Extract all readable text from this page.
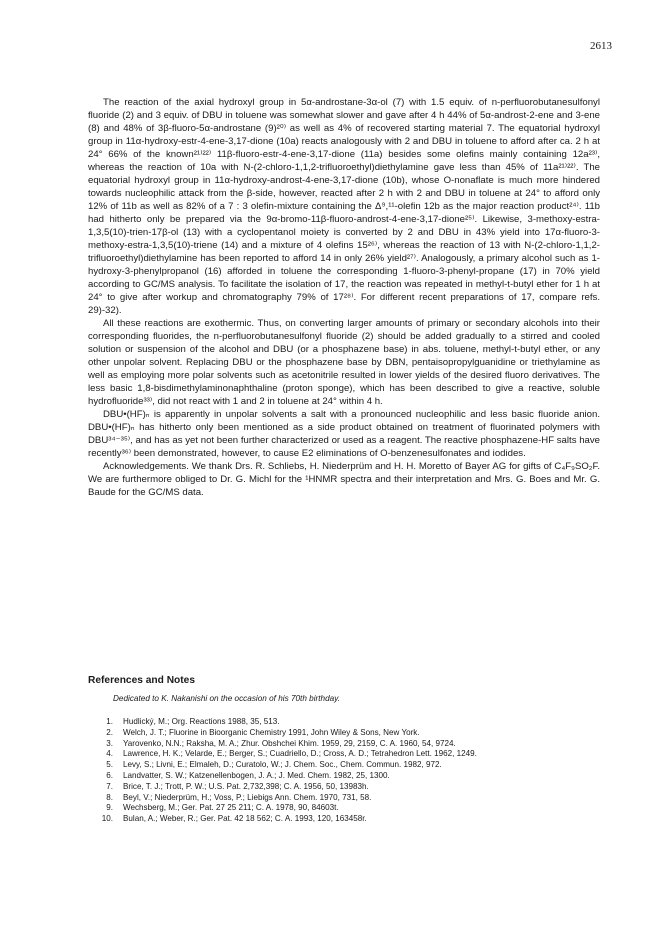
2613

The reaction of the axial hydroxyl group in 5α-androstane-3α-ol (7) with 1.5 equiv. of n-perfluorobutanesulfonyl fluoride (2) and 3 equiv. of DBU in toluene was somewhat slower and gave after 4 h 44% of 5α-androst-2-ene and 3-ene (8) and 48% of 3β-fluoro-5α-androstane (9)²⁰⁾ as well as 4% of recovered starting material 7. The equatorial hydroxyl group in 11α-hydroxy-estr-4-ene-3,17-dione (10a) reacts analogously with 2 and DBU in toluene to afford after ca. 2 h at 24° 66% of the known²¹⁾²²⁾ 11β-fluoro-estr-4-ene-3,17-dione (11a) besides some olefins mainly containing 12a²³⁾, whereas the reaction of 10a with N-(2-chloro-1,1,2-trifluoroethyl)diethylamine gave less than 45% of 11a²¹⁾²²⁾. The equatorial hydroxyl group in 11α-hydroxy-androst-4-ene-3,17-dione (10b), whose O-nonaflate is much more hindered towards nucleophilic attack from the β-side, however, reacted after 2 h with 2 and DBU in toluene at 24° to afford only 12% of 11b as well as 82% of a 7 : 3 olefin-mixture containing the Δ⁹,¹¹-olefin 12b as the major reaction product²⁴⁾. 11b had hitherto only be prepared via the 9α-bromo-11β-fluoro-androst-4-ene-3,17-dione²⁵⁾. Likewise, 3-methoxy-estra-1,3,5(10)-trien-17β-ol (13) with a cyclopentanol moiety is converted by 2 and DBU in 43% yield into 17α-fluoro-3-methoxy-estra-1,3,5(10)-triene (14) and a mixture of 4 olefins 15²⁶⁾, whereas the reaction of 13 with N-(2-chloro-1,1,2-trifluoroethyl)diethylamine has been reported to afford 14 in only 26% yield²⁷⁾. Analogously, a primary alcohol such as 1-hydroxy-3-phenylpropanol (16) afforded in toluene the corresponding 1-fluoro-3-phenyl-propane (17) in 70% yield according to GC/MS analysis. To facilitate the isolation of 17, the reaction was repeated in methyl-t-butyl ether for 1 h at 24° to give after workup and chromatography 79% of 17²⁸⁾. For different recent preparations of 17, compare refs. 29)-32).

All these reactions are exothermic. Thus, on converting larger amounts of primary or secondary alcohols into their corresponding fluorides, the n-perfluorobutanesulfonyl fluoride (2) should be added gradually to a stirred and cooled solution or suspension of the alcohol and DBU (or a phosphazene base) in abs. toluene, methyl-t-butyl ether, or any other unpolar solvent. Replacing DBU or the phosphazene base by DBN, pentaisopropylguanidine or triethylamine as well as employing more polar solvents such as acetonitrile resulted in lower yields of the desired fluoro derivatives. The less basic 1,8-bisdimethylaminonaphthaline (proton sponge), which has been described to give a reactive, soluble hydrofluoride³³⁾, did not react with 1 and 2 in toluene at 24° within 4 h.

DBU•(HF)ₙ is apparently in unpolar solvents a salt with a pronounced nucleophilic and less basic fluoride anion. DBU•(HF)ₙ has hitherto only been mentioned as a side product obtained on treatment of fluorinated polymers with DBU³⁴⁻³⁵⁾, and has as yet not been further characterized or used as a reagent. The reactive phosphazene-HF salts have recently³⁶⁾ been demonstrated, however, to cause E2 eliminations of O-benzenesulfonates and iodides.

Acknowledgements. We thank Drs. R. Schliebs, H. Niederprüm and H. H. Moretto of Bayer AG for gifts of C₄F₉SO₂F. We are furthermore obliged to Dr. G. Michl for the ¹HNMR spectra and their interpretation and Mrs. G. Boes and Mr. G. Baude for the GC/MS data.

References and Notes
Dedicated to K. Nakanishi on the occasion of his 70th birthday.
1.	Hudlický, M.; Org. Reactions 1988, 35, 513.
2.	Welch, J. T.; Fluorine in Bioorganic Chemistry 1991, John Wiley & Sons, New York.
3.	Yarovenko, N.N.; Raksha, M. A.; Zhur. Obshchei Khim. 1959, 29, 2159, C. A. 1960, 54, 9724.
4.	Lawrence, H. K.; Velarde, E.; Berger, S.; Cuadriello, D.; Cross, A. D.; Tetrahedron Lett. 1962, 1249.
5.	Levy, S.; Livni, E.; Elmaleh, D.; Curatolo, W.; J. Chem. Soc., Chem. Commun. 1982, 972.
6.	Landvatter, S. W.; Katzenellenbogen, J. A.; J. Med. Chem. 1982, 25, 1300.
7.	Brice, T. J.; Trott, P. W.; U.S. Pat. 2,732,398; C. A. 1956, 50, 13983h.
8.	Beyl, V.; Niederprüm, H.; Voss, P.; Liebigs Ann. Chem. 1970, 731, 58.
9.	Wechsberg, M.; Ger. Pat. 27 25 211; C. A. 1978, 90, 84603t.
10.	Bulan, A.; Weber, R.; Ger. Pat. 42 18 562; C. A. 1993, 120, 163458r.
